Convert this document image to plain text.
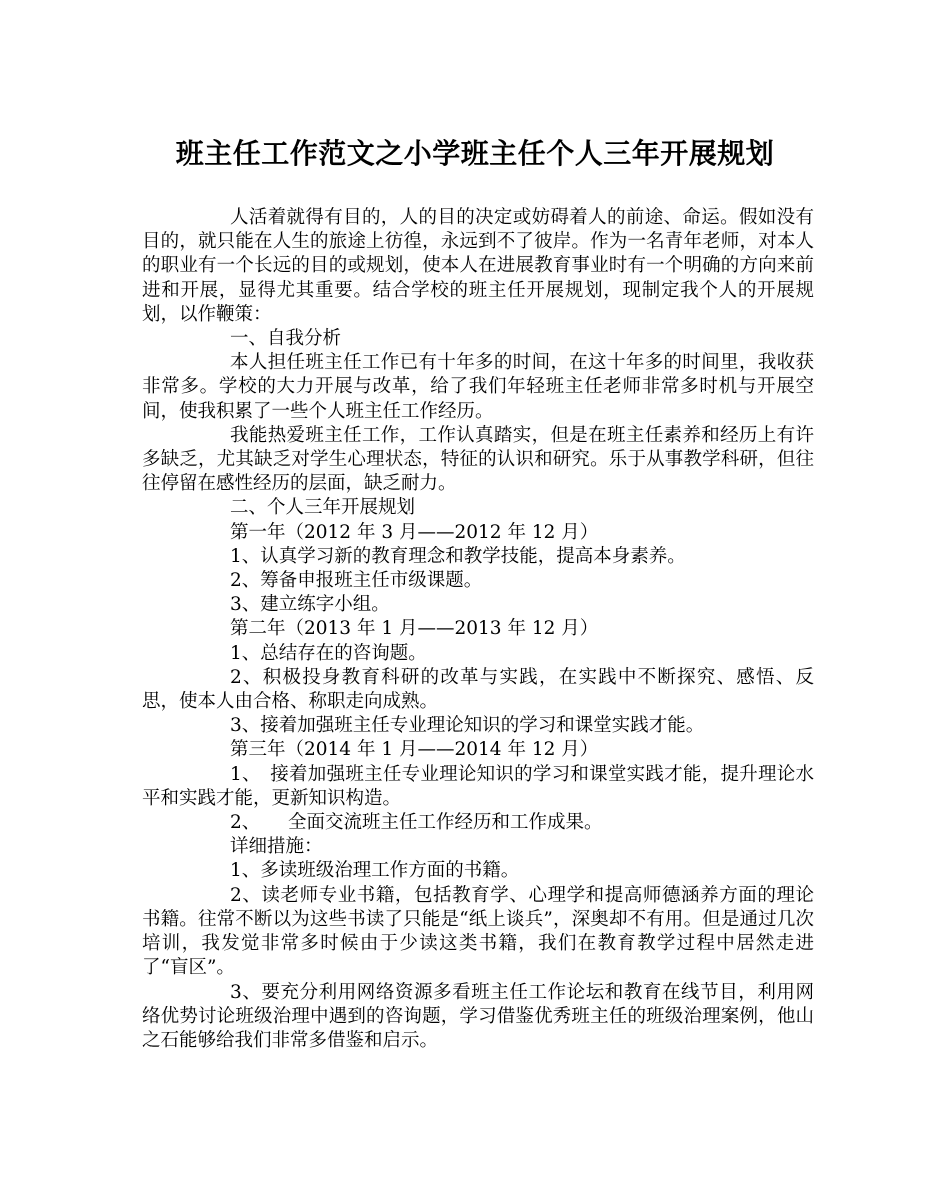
班主任工作范文之小学班主任个人三年开展规划

人活着就得有目的，人的目的决定或妨碍着人的前途、命运。假如没有目的，就只能在人生的旅途上彷徨，永远到不了彼岸。作为一名青年老师，对本人的职业有一个长远的目的或规划，使本人在进展教育事业时有一个明确的方向来前进和开展，显得尤其重要。结合学校的班主任开展规划，现制定我个人的开展规划，以作鞭策：

一、自我分析

本人担任班主任工作已有十年多的时间，在这十年多的时间里，我收获非常多。学校的大力开展与改革，给了我们年轻班主任老师非常多时机与开展空间，使我积累了一些个人班主任工作经历。

我能热爱班主任工作，工作认真踏实，但是在班主任素养和经历上有许多缺乏，尤其缺乏对学生心理状态，特征的认识和研究。乐于从事教学科研，但往往停留在感性经历的层面，缺乏耐力。

二、个人三年开展规划

第一年（2012 年 3 月——2012 年 12 月）

1、认真学习新的教育理念和教学技能，提高本身素养。

2、筹备申报班主任市级课题。

3、建立练字小组。

第二年（2013 年 1 月——2013 年 12 月）

1、总结存在的咨询题。

2、积极投身教育科研的改革与实践，在实践中不断探究、感悟、反思，使本人由合格、称职走向成熟。

3、接着加强班主任专业理论知识的学习和课堂实践才能。

第三年（2014 年 1 月——2014 年 12 月）

1、　接着加强班主任专业理论知识的学习和课堂实践才能，提升理论水平和实践才能，更新知识构造。

2、　　全面交流班主任工作经历和工作成果。

详细措施：

1、多读班级治理工作方面的书籍。

2、读老师专业书籍，包括教育学、心理学和提高师德涵养方面的理论书籍。往常不断以为这些书读了只能是“纸上谈兵”，深奥却不有用。但是通过几次培训，我发觉非常多时候由于少读这类书籍，我们在教育教学过程中居然走进了“盲区”。

3、要充分利用网络资源多看班主任工作论坛和教育在线节目，利用网络优势讨论班级治理中遇到的咨询题，学习借鉴优秀班主任的班级治理案例，他山之石能够给我们非常多借鉴和启示。
